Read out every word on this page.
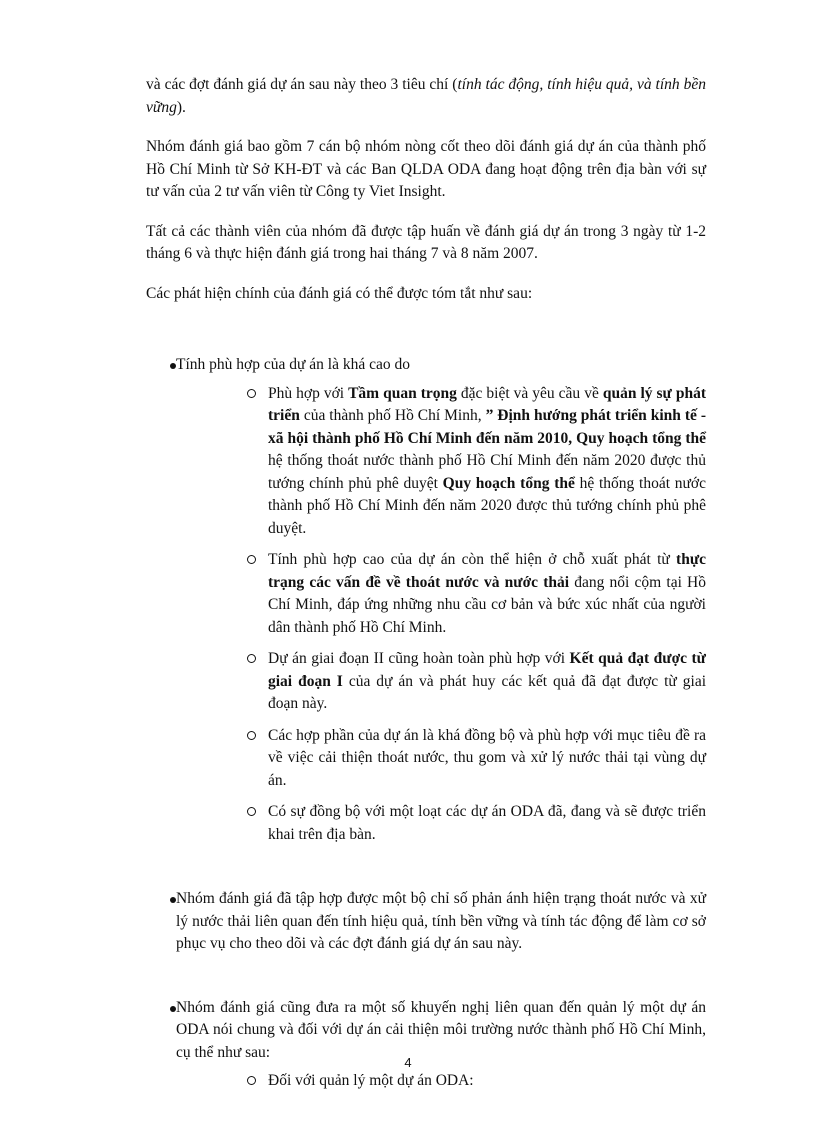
và các đợt đánh giá dự án sau này theo 3 tiêu chí (tính tác động, tính hiệu quả, và tính bền vững).

Nhóm đánh giá bao gồm 7 cán bộ nhóm nòng cốt theo dõi đánh giá dự án của thành phố Hồ Chí Minh từ Sở KH-ĐT và các Ban QLDA ODA đang hoạt động trên địa bàn với sự tư vấn của 2 tư vấn viên từ Công ty Viet Insight.

Tất cả các thành viên của nhóm đã được tập huấn về đánh giá dự án trong 3 ngày từ 1-2 tháng 6 và thực hiện đánh giá trong hai tháng 7 và 8 năm 2007.

Các phát hiện chính của đánh giá có thể được tóm tắt như sau:

Tính phù hợp của dự án là khá cao do
Phù hợp với Tầm quan trọng đặc biệt và yêu cầu về quản lý sự phát triển của thành phố Hồ Chí Minh, ” Định hướng phát triển kinh tế - xã hội thành phố Hồ Chí Minh đến năm 2010, Quy hoạch tổng thể hệ thống thoát nước thành phố Hồ Chí Minh đến năm 2020 được thủ tướng chính phủ phê duyệt Quy hoạch tổng thể hệ thống thoát nước thành phố Hồ Chí Minh đến năm 2020 được thủ tướng chính phủ phê duyệt.
Tính phù hợp cao của dự án còn thể hiện ở chỗ xuất phát từ thực trạng các vấn đề về thoát nước và nước thải đang nổi cộm tại Hồ Chí Minh, đáp ứng những nhu cầu cơ bản và bức xúc nhất của người dân thành phố Hồ Chí Minh.
Dự án giai đoạn II cũng hoàn toàn phù hợp với Kết quả đạt được từ giai đoạn I của dự án và phát huy các kết quả đã đạt được từ giai đoạn này.
Các hợp phần của dự án là khá đồng bộ và phù hợp với mục tiêu đề ra về việc cải thiện thoát nước, thu gom và xử lý nước thải tại vùng dự án.
Có sự đồng bộ với một loạt các dự án ODA đã, đang và sẽ được triển khai trên địa bàn.
Nhóm đánh giá đã tập hợp được một bộ chỉ số phản ánh hiện trạng thoát nước và xử lý nước thải liên quan đến tính hiệu quả, tính bền vững và tính tác động để làm cơ sở phục vụ cho theo dõi và các đợt đánh giá dự án sau này.
Nhóm đánh giá cũng đưa ra một số khuyến nghị liên quan đến quản lý một dự án ODA nói chung và đối với dự án cải thiện môi trường nước thành phố Hồ Chí Minh, cụ thể như sau:
Đối với quản lý một dự án ODA:
4
